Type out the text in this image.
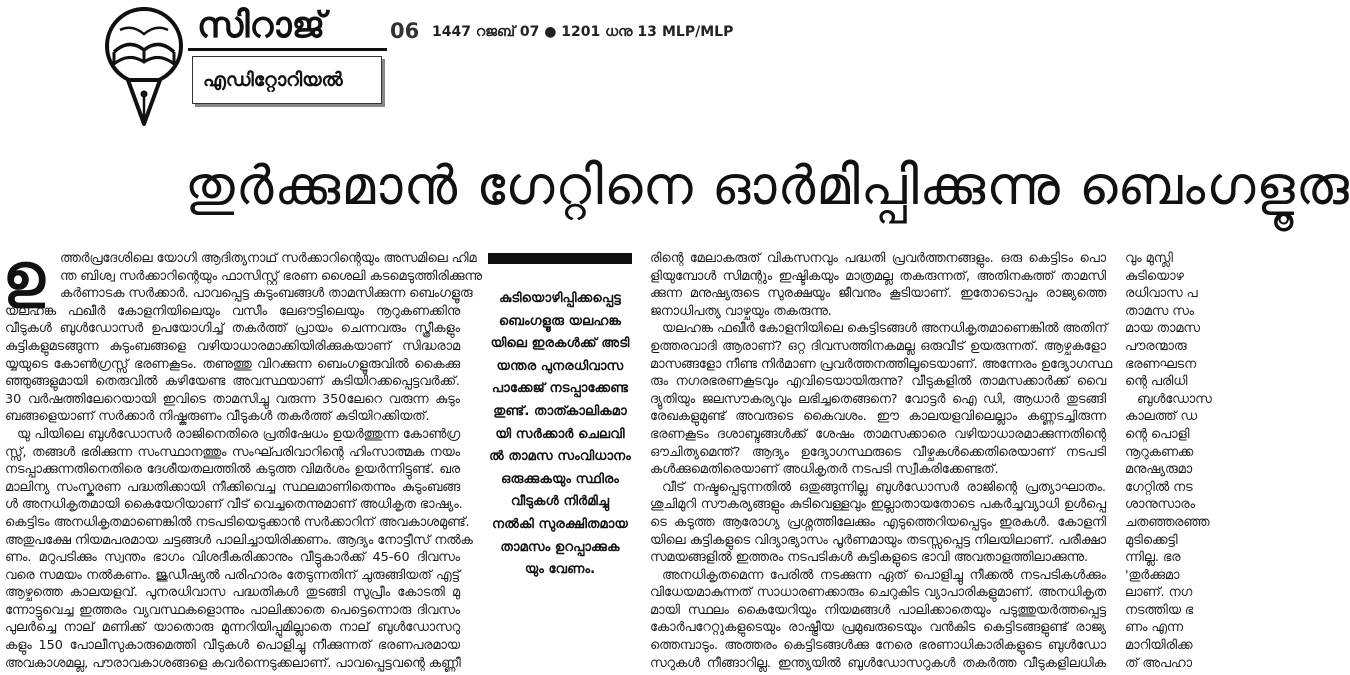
സിറാജ്	06 1447 റജബ് 07 ● 1201 ധനു 13 MLP/MLP
എഡിറ്റോറിയൽ
തുർക്കുമാൻ ഗേറ്റിനെ ഓർമിപ്പിക്കുന്നു ബെംഗളൂരു
ഉ	ത്തർപ്രദേശിലെ യോഗി ആദിത്യനാഥ് സർക്കാറിന്റെയും അസമിലെ ഹിമ
ന്ത ബിശ്വ സർക്കാറിന്റെയും ഫാസിസ്റ്റ് ഭരണ ശൈലി കടമെടുത്തിരിക്കുന്നു
കർണാടക സർക്കാർ. പാവപ്പെട്ട കുടുംബങ്ങൾ താമസിക്കുന്ന ബെംഗളൂരു
യലഹങ്ക ഫഖീർ കോളനിയിലെയും വസീം ലേഔട്ടിലെയും നൂറുകണക്കിനു
വീടുകൾ ബുൾഡോസർ ഉപയോഗിച്ച് തകർത്ത് പ്രായം ചെന്നവരും സ്ത്രീകളും
കുട്ടികളുമടങ്ങുന്ന കുടുംബങ്ങളെ വഴിയാധാരമാക്കിയിരിക്കുകയാണ് സിദ്ധരാമ
യ്യയുടെ കോൺഗ്രസ്സ് ഭരണകൂടം. തണുത്തു വിറക്കുന്ന ബെംഗളൂരുവിൽ കൈക്കു
ഞ്ഞുങ്ങളുമായി തെരുവിൽ കഴിയേണ്ട അവസ്ഥയാണ് കുടിയിറക്കപ്പെട്ടവർക്ക്.
30 വർഷത്തിലേറെയായി ഇവിടെ താമസിച്ചു വരുന്ന 350ലേറെ വരുന്ന കുടും
ബങ്ങളെയാണ് സർക്കാർ നിഷ്കരുണം വീടുകൾ തകർത്ത് കുടിയിറക്കിയത്.
യു പിയിലെ ബുൾഡോസർ രാജിനെതിരെ പ്രതിഷേധം ഉയർത്തുന്ന കോൺഗ്ര
സ്സ്, തങ്ങൾ ഭരിക്കുന്ന സംസ്ഥാനത്തും സംഘ്പരിവാറിന്റെ ഹിംസാത്മക നയം
നടപ്പാക്കുന്നതിനെതിരെ ദേശീയതലത്തിൽ കടുത്ത വിമർശം ഉയർന്നിട്ടുണ്ട്. ഖര
മാലിന്യ സംസ്കരണ പദ്ധതിക്കായി നീക്കിവെച്ച സ്ഥലമാണിതെന്നും കുടുംബങ്ങ
ൾ അനധികൃതമായി കൈയേറിയാണ് വീട് വെച്ചതെന്നുമാണ് അധികൃത ഭാഷ്യം.
കെട്ടിടം അനധികൃതമാണെങ്കിൽ നടപടിയെടുക്കാൻ സർക്കാറിന് അവകാശമുണ്ട്.
അതുപക്ഷേ നിയമപരമായ ചട്ടങ്ങൾ പാലിച്ചായിരിക്കണം. ആദ്യം നോട്ടീസ് നൽക
ണം. മറുപടിക്കും സ്വന്തം ഭാഗം വിശദീകരിക്കാനും വീട്ടുകാർക്ക് 45-60 ദിവസം
വരെ സമയം നൽകണം. ജുഡീഷ്യൽ പരിഹാരം തേടുന്നതിന് ചുരുങ്ങിയത് എട്ട്
ആഴ്ചത്തെ കാലയളവ്. പുനരധിവാസ പദ്ധതികൾ തുടങ്ങി സുപ്രീം കോടതി മു
ന്നോട്ടുവെച്ച ഇത്തരം വ്യവസ്ഥകളൊന്നും പാലിക്കാതെ പെട്ടെന്നൊരു ദിവസം
പുലർച്ചെ നാല് മണിക്ക് യാതൊരു മുന്നറിയിപ്പുമില്ലാതെ നാല് ബുൾഡോസറു
കളും 150 പോലീസുകാരുമെത്തി വീടുകൾ പൊളിച്ചു നീക്കുന്നത് ഭരണപരമായ
അവകാശമല്ല, പൗരാവകാശങ്ങളെ കവർന്നെടുക്കലാണ്. പാവപ്പെട്ടവന്റെ കണ്ണീ
കുടിയൊഴിപ്പിക്കപ്പെട്ട
ബെംഗളൂരു യലഹങ്ക
യിലെ ഇരകൾക്ക് അടി
യന്തര പുനരധിവാസ
പാക്കേജ് നടപ്പാക്കേണ്ട
തുണ്ട്. താത്കാലികമാ
യി സർക്കാർ ചെലവി
ൽ താമസ സംവിധാനം
ഒരുക്കുകയും സ്ഥിരം
വീടുകൾ നിർമിച്ചു
നൽകി സുരക്ഷിതമായ
താമസം ഉറപ്പാക്കുക
യും വേണം.
രിന്റെ മേലാകരുത് വികസനവും പദ്ധതി പ്രവർത്തനങ്ങളും. ഒരു കെട്ടിടം പൊ
ളിയുമ്പോൾ സിമന്റും ഇഷ്ടികയും മാത്രമല്ല തകരുന്നത്, അതിനകത്ത് താമസി
ക്കുന്ന മനുഷ്യരുടെ സുരക്ഷയും ജീവനും കൂടിയാണ്. ഇതോടൊപ്പം രാജ്യത്തെ
ജനാധിപത്യ വാഴ്ചയും തകരുന്നു.
യലഹങ്ക ഫഖീർ കോളനിയിലെ കെട്ടിടങ്ങൾ അനധികൃതമാണെങ്കിൽ അതിന്
ഉത്തരവാദി ആരാണ്? ഒറ്റ ദിവസത്തിനകമല്ല ഒരുവീട് ഉയരുന്നത്. ആഴ്ചകളോ
മാസങ്ങളോ നീണ്ട നിർമാണ പ്രവർത്തനത്തിലൂടെയാണ്. അന്നേരം ഉദ്യോഗസ്ഥ
രും നഗരഭരണകൂടവും എവിടെയായിരുന്നു? വീടുകളിൽ താമസക്കാർക്ക് വൈ
ദ്യുതിയും ജലസൗകര്യവും ലഭിച്ചതെങ്ങനെ? വോട്ടർ ഐ ഡി, ആധാർ തുടങ്ങി
രേഖകളുമുണ്ട് അവരുടെ കൈവശം. ഈ കാലയളവിലെല്ലാം കണ്ണടച്ചിരുന്ന
ഭരണകൂടം ദശാബ്ദങ്ങൾക്ക് ശേഷം താമസക്കാരെ വഴിയാധാരമാക്കുന്നതിന്റെ
ഔചിത്യമെന്ത്? ആദ്യം ഉദ്യോഗസ്ഥരുടെ വീഴ്ചകൾക്കെതിരെയാണ് നടപടി
കൾക്കുമെതിരെയാണ് അധികൃതർ നടപടി സ്വീകരിക്കേണ്ടത്.
വീട് നഷ്ടപ്പെടുന്നതിൽ ഒതുങ്ങുന്നില്ല ബുൾഡോസർ രാജിന്റെ പ്രത്യാഘാതം.
ശുചിമുറി സൗകര്യങ്ങളും കുടിവെള്ളവും ഇല്ലാതായതോടെ പകർച്ചവ്യാധി ഉൾപ്പെ
ടെ കടുത്ത ആരോഗ്യ പ്രശ്നത്തിലേക്കും എടുത്തെറിയപ്പെടും ഇരകൾ. കോളനി
യിലെ കുട്ടികളുടെ വിദ്യാഭ്യാസം പൂർണമായും തടസ്സപ്പെട്ട നിലയിലാണ്. പരീക്ഷാ
സമയങ്ങളിൽ ഇത്തരം നടപടികൾ കുട്ടികളുടെ ഭാവി അവതാളത്തിലാക്കുന്നു.
അനധികൃതമെന്ന പേരിൽ നടക്കുന്ന ഏത് പൊളിച്ചു നീക്കൽ നടപടികൾക്കും
വിധേയമാകുന്നത് സാധാരണക്കാരും ചെറുകിട വ്യാപാരികളുമാണ്. അനധികൃത
മായി സ്ഥലം കൈയേറിയും നിയമങ്ങൾ പാലിക്കാതെയും പടുത്തുയർത്തപ്പെട്ട
കോർപറേറ്റുകളുടെയും രാഷ്ട്രീയ പ്രമുഖരുടെയും വൻകിട കെട്ടിടങ്ങളുണ്ട് രാജ്യ
ത്തെമ്പാടും. അത്തരം കെട്ടിടങ്ങൾക്കു നേരെ ഭരണാധികാരികളുടെ ബുൾഡോ
സറുകൾ നീങ്ങാറില്ല. ഇന്ത്യയിൽ ബുൾഡോസറുകൾ തകർത്ത വീടുകളിലധിക
വും മുസ്ലി
കുടിയൊഴ
രധിവാസ പ
താമസ സം
മായ താമസ
പൗരന്മാരു
ഭരണഘടന
ന്റെ പരിധി
ബുൾഡോസ
കാലത്ത് ഡ
ന്റെ പൊളി
നൂറുകണക്ക
മനുഷ്യരുമാ
ഗേറ്റിൽ നട
ശാനുസാരം
ചതഞ്ഞരഞ്ഞ
മുടിക്കെട്ടി
ന്നില്ല. ഭര
'തുർക്കുമാ
ലാണ്. നഗ
നടത്തിയ ഭ
ണം എന്ന
മാറിയിരിക്ക
ത് അപഹാ
